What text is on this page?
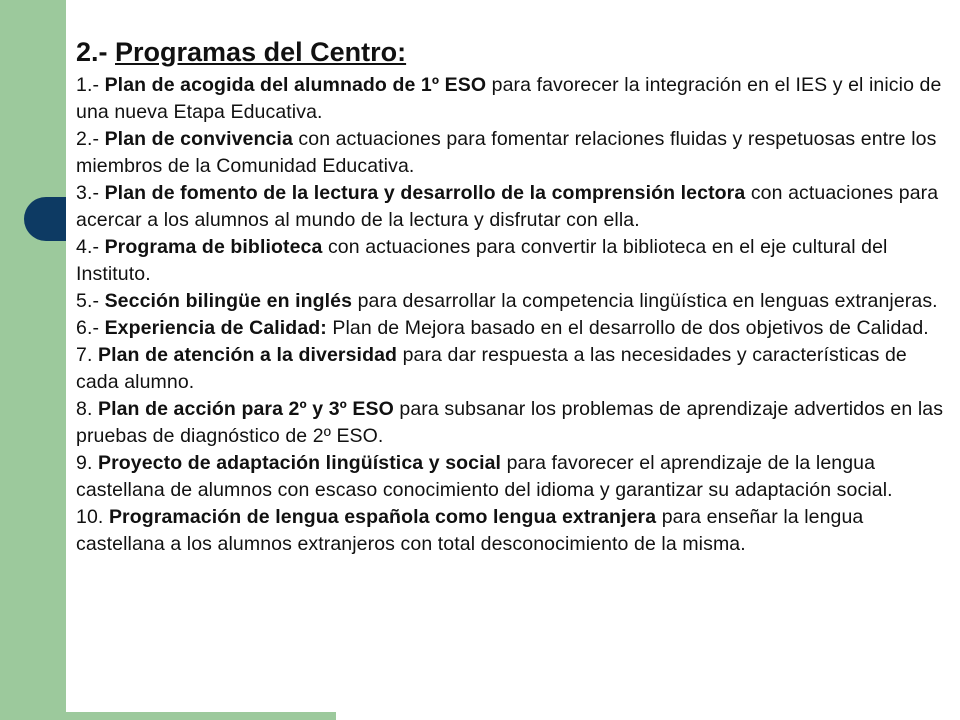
2.- Programas del Centro:

1.- Plan de acogida del alumnado de 1º ESO para favorecer la integración en el IES y el inicio de una nueva Etapa Educativa.

2.- Plan de convivencia con actuaciones para fomentar relaciones fluidas y respetuosas entre los miembros de la Comunidad Educativa.

3.- Plan de fomento de la lectura y desarrollo de la comprensión lectora con actuaciones para acercar a los alumnos al mundo de la lectura y disfrutar con ella.

4.- Programa de biblioteca con actuaciones para convertir la biblioteca en el eje cultural del Instituto.

5.- Sección bilingüe en inglés para desarrollar la competencia lingüística en lenguas extranjeras.

6.- Experiencia de Calidad: Plan de Mejora basado en el desarrollo de dos objetivos de Calidad.

7. Plan de atención a la diversidad para dar respuesta a las necesidades y características de cada alumno.

8. Plan de acción para 2º y 3º ESO para subsanar los problemas de aprendizaje advertidos en las pruebas de diagnóstico de 2º ESO.

9. Proyecto de adaptación lingüística y social para favorecer el aprendizaje de la lengua castellana de alumnos con escaso conocimiento del idioma y garantizar su adaptación social.

10. Programación de lengua española como lengua extranjera para enseñar la lengua castellana a los alumnos extranjeros con total desconocimiento de la misma.
